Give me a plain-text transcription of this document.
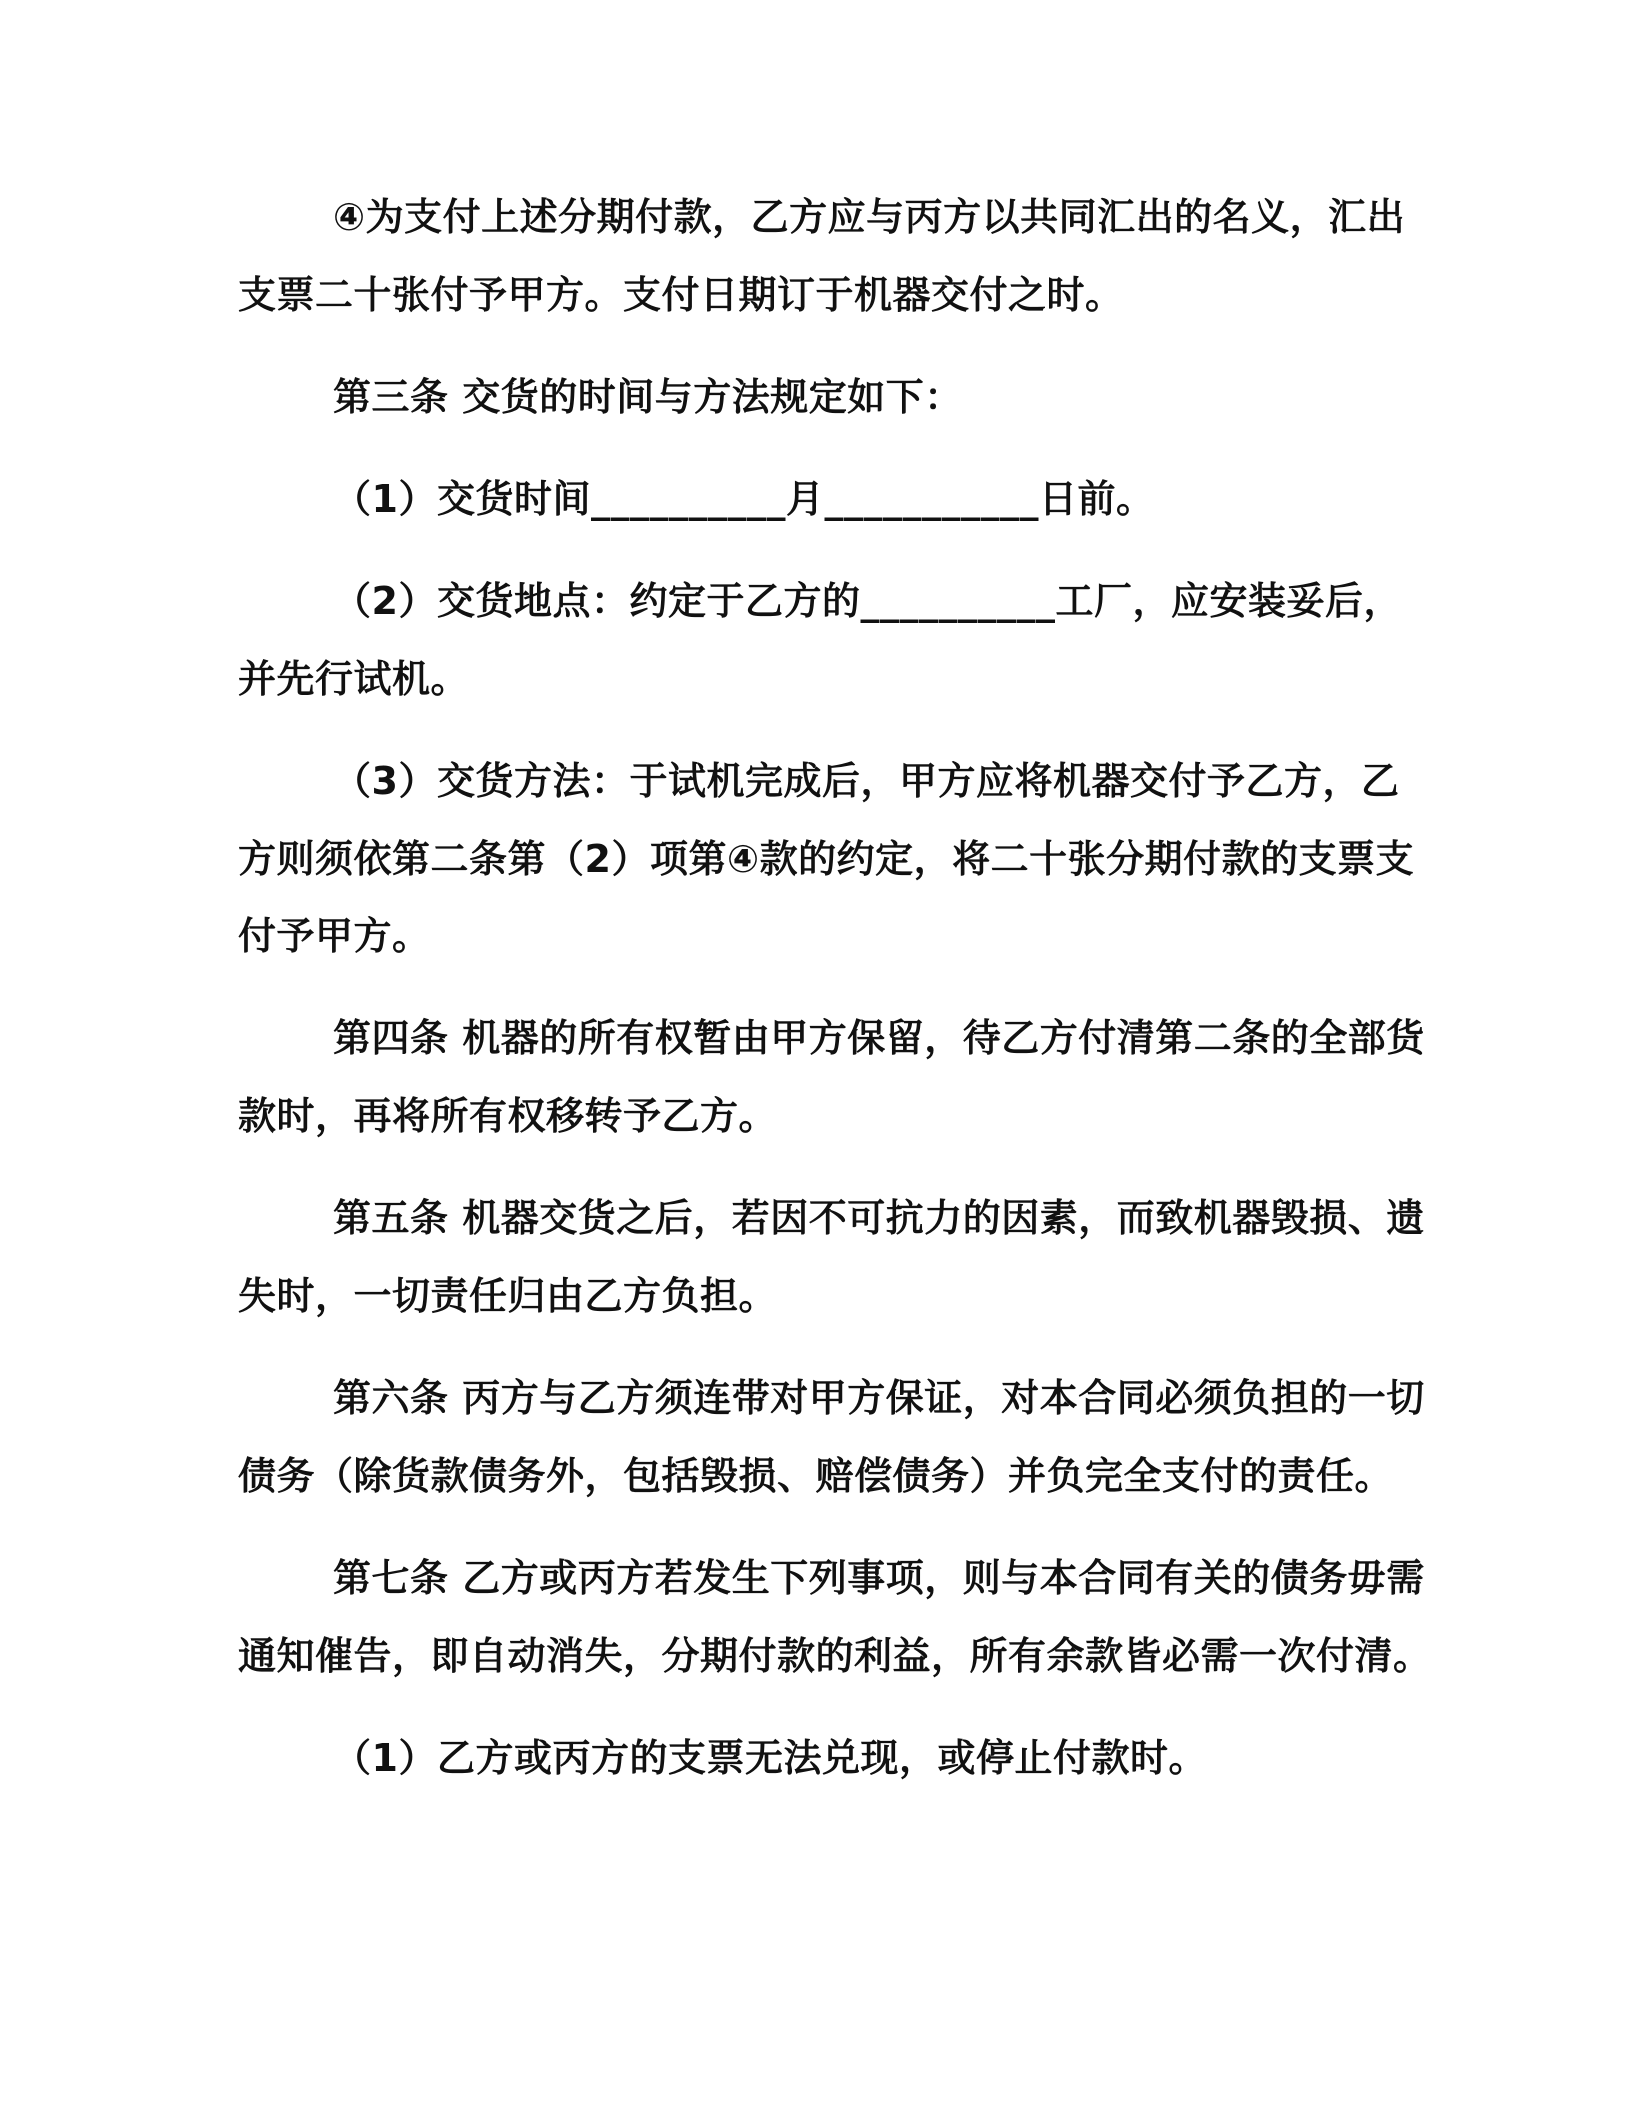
④为支付上述分期付款，乙方应与丙方以共同汇出的名义，汇出
支票二十张付予甲方。支付日期订于机器交付之时。
第三条 交货的时间与方法规定如下：
（1）交货时间__________月___________日前。
（2）交货地点：约定于乙方的__________工厂，应安装妥后，
并先行试机。
（3）交货方法：于试机完成后，甲方应将机器交付予乙方，乙
方则须依第二条第（2）项第④款的约定，将二十张分期付款的支票支
付予甲方。
第四条 机器的所有权暂由甲方保留，待乙方付清第二条的全部货
款时，再将所有权移转予乙方。
第五条 机器交货之后，若因不可抗力的因素，而致机器毁损、遗
失时，一切责任归由乙方负担。
第六条 丙方与乙方须连带对甲方保证，对本合同必须负担的一切
债务（除货款债务外，包括毁损、赔偿债务）并负完全支付的责任。
第七条 乙方或丙方若发生下列事项，则与本合同有关的债务毋需
通知催告，即自动消失，分期付款的利益，所有余款皆必需一次付清。
（1）乙方或丙方的支票无法兑现，或停止付款时。
